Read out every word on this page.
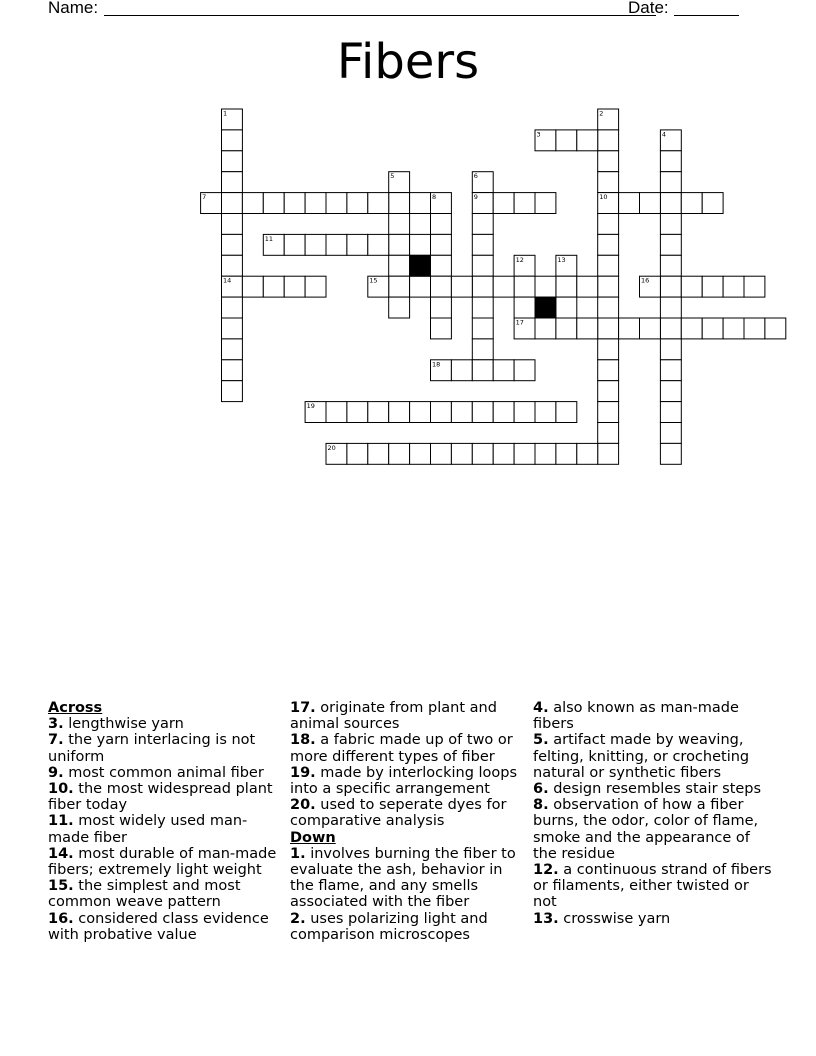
Name:	Date:
Fibers
1	2
3	4
5	6
7	8	9	10
11
12	13
14	15	16
17
18
19
20
Across

3. lengthwise yarn

7. the yarn interlacing is not uniform

9. most common animal fiber

10. the most widespread plant fiber today

11. most widely used man-made fiber

14. most durable of man-made fibers; extremely light weight

15. the simplest and most common weave pattern

16. considered class evidence with probative value

17. originate from plant and animal sources

18. a fabric made up of two or more different types of fiber

19. made by interlocking loops into a specific arrangement

20. used to seperate dyes for comparative analysis

Down

1. involves burning the fiber to evaluate the ash, behavior in the flame, and any smells associated with the fiber

2. uses polarizing light and comparison microscopes

4. also known as man-made fibers

5. artifact made by weaving, felting, knitting, or crocheting natural or synthetic fibers

6. design resembles stair steps

8. observation of how a fiber burns, the odor, color of flame, smoke and the appearance of the residue

12. a continuous strand of fibers or filaments, either twisted or not

13. crosswise yarn
